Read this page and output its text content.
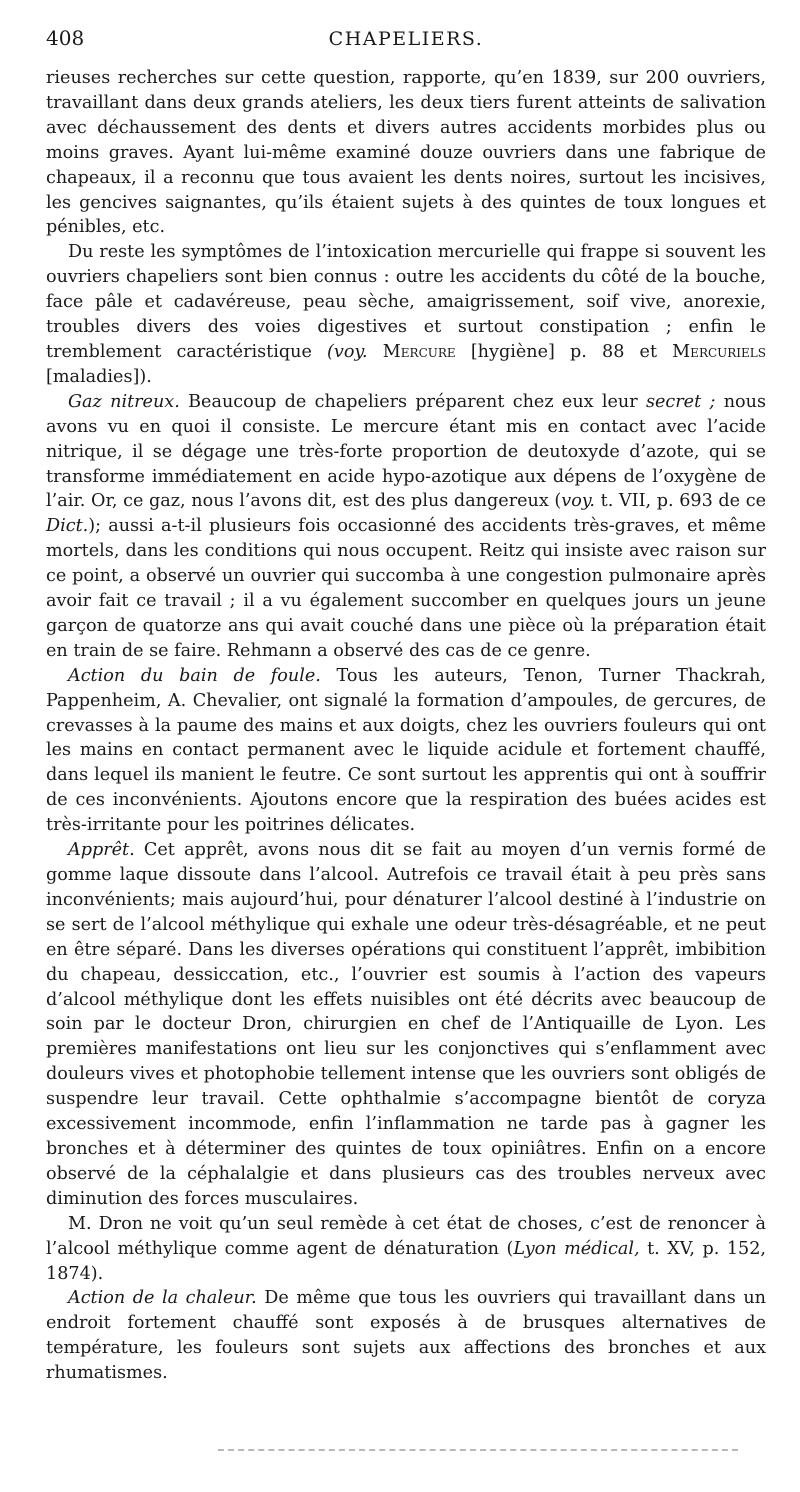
408	CHAPELIERS.

rieuses recherches sur cette question, rapporte, qu’en 1839, sur 200 ouvriers, travaillant dans deux grands ateliers, les deux tiers furent atteints de salivation avec déchaussement des dents et divers autres accidents morbides plus ou moins graves. Ayant lui-même examiné douze ouvriers dans une fabrique de chapeaux, il a reconnu que tous avaient les dents noires, surtout les incisives, les gencives saignantes, qu’ils étaient sujets à des quintes de toux longues et pénibles, etc.

Du reste les symptômes de l’intoxication mercurielle qui frappe si souvent les ouvriers chapeliers sont bien connus : outre les accidents du côté de la bouche, face pâle et cadavéreuse, peau sèche, amaigrissement, soif vive, anorexie, troubles divers des voies digestives et surtout constipation ; enfin le tremblement caractéristique (voy. Mercure [hygiène] p. 88 et Mercuriels [maladies]).

Gaz nitreux. Beaucoup de chapeliers préparent chez eux leur secret ; nous avons vu en quoi il consiste. Le mercure étant mis en contact avec l’acide nitrique, il se dégage une très-forte proportion de deutoxyde d’azote, qui se transforme immédiatement en acide hypo-azotique aux dépens de l’oxygène de l’air. Or, ce gaz, nous l’avons dit, est des plus dangereux (voy. t. VII, p. 693 de ce Dict.); aussi a-t-il plusieurs fois occasionné des accidents très-graves, et même mortels, dans les conditions qui nous occupent. Reitz qui insiste avec raison sur ce point, a observé un ouvrier qui succomba à une congestion pulmonaire après avoir fait ce travail ; il a vu également succomber en quelques jours un jeune garçon de quatorze ans qui avait couché dans une pièce où la préparation était en train de se faire. Rehmann a observé des cas de ce genre.

Action du bain de foule. Tous les auteurs, Tenon, Turner Thackrah, Pappenheim, A. Chevalier, ont signalé la formation d’ampoules, de gercures, de crevasses à la paume des mains et aux doigts, chez les ouvriers fouleurs qui ont les mains en contact permanent avec le liquide acidule et fortement chauffé, dans lequel ils manient le feutre. Ce sont surtout les apprentis qui ont à souffrir de ces inconvénients. Ajoutons encore que la respiration des buées acides est très-irritante pour les poitrines délicates.

Apprêt. Cet apprêt, avons nous dit se fait au moyen d’un vernis formé de gomme laque dissoute dans l’alcool. Autrefois ce travail était à peu près sans inconvénients; mais aujourd’hui, pour dénaturer l’alcool destiné à l’industrie on se sert de l’alcool méthylique qui exhale une odeur très-désagréable, et ne peut en être séparé. Dans les diverses opérations qui constituent l’apprêt, imbibition du chapeau, dessiccation, etc., l’ouvrier est soumis à l’action des vapeurs d’alcool méthylique dont les effets nuisibles ont été décrits avec beaucoup de soin par le docteur Dron, chirurgien en chef de l’Antiquaille de Lyon. Les premières manifestations ont lieu sur les conjonctives qui s’enflamment avec douleurs vives et photophobie tellement intense que les ouvriers sont obligés de suspendre leur travail. Cette ophthalmie s’accompagne bientôt de coryza excessivement incommode, enfin l’inflammation ne tarde pas à gagner les bronches et à déterminer des quintes de toux opiniâtres. Enfin on a encore observé de la céphalalgie et dans plusieurs cas des troubles nerveux avec diminution des forces musculaires.

M. Dron ne voit qu’un seul remède à cet état de choses, c’est de renoncer à l’alcool méthylique comme agent de dénaturation (Lyon médical, t. XV, p. 152, 1874).

Action de la chaleur. De même que tous les ouvriers qui travaillant dans un endroit fortement chauffé sont exposés à de brusques alternatives de température, les fouleurs sont sujets aux affections des bronches et aux rhumatismes.
